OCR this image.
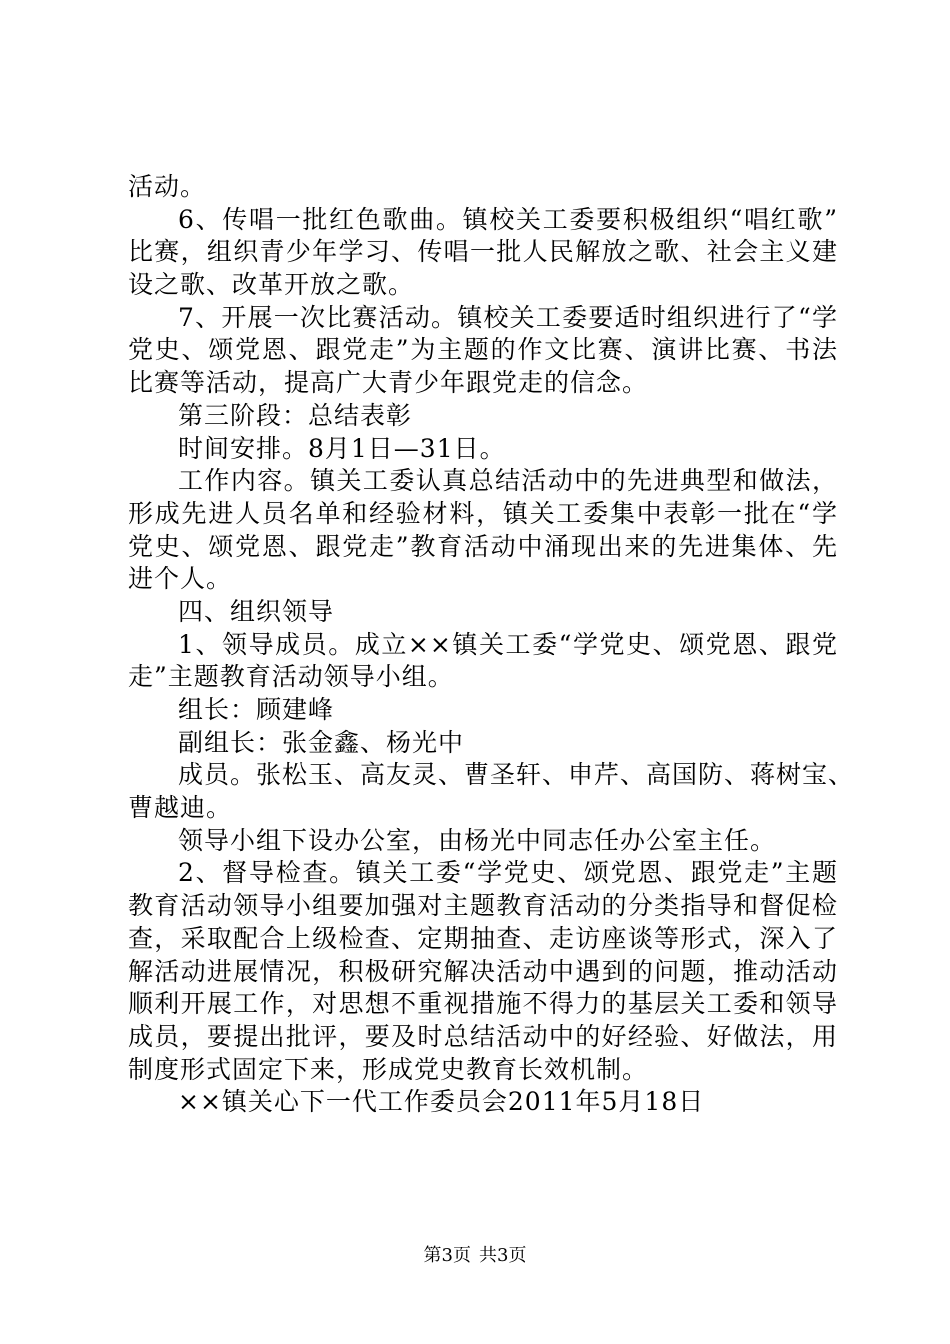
活动。
6、传唱一批红色歌曲。镇校关工委要积极组织“唱红歌”
比赛，组织青少年学习、传唱一批人民解放之歌、社会主义建
设之歌、改革开放之歌。
7、开展一次比赛活动。镇校关工委要适时组织进行了“学
党史、颂党恩、跟党走”为主题的作文比赛、演讲比赛、书法
比赛等活动，提高广大青少年跟党走的信念。
第三阶段：总结表彰
时间安排。8月1日—31日。
工作内容。镇关工委认真总结活动中的先进典型和做法，
形成先进人员名单和经验材料，镇关工委集中表彰一批在“学
党史、颂党恩、跟党走”教育活动中涌现出来的先进集体、先
进个人。
四、组织领导
1、领导成员。成立××镇关工委“学党史、颂党恩、跟党
走”主题教育活动领导小组。
组长：顾建峰
副组长：张金鑫、杨光中
成员。张松玉、高友灵、曹圣轩、申芹、高国防、蒋树宝、
曹越迪。
领导小组下设办公室，由杨光中同志任办公室主任。
2、督导检查。镇关工委“学党史、颂党恩、跟党走”主题
教育活动领导小组要加强对主题教育活动的分类指导和督促检
查，采取配合上级检查、定期抽查、走访座谈等形式，深入了
解活动进展情况，积极研究解决活动中遇到的问题，推动活动
顺利开展工作，对思想不重视措施不得力的基层关工委和领导
成员，要提出批评，要及时总结活动中的好经验、好做法，用
制度形式固定下来，形成党史教育长效机制。
××镇关心下一代工作委员会2011年5月18日
第3页 共3页
